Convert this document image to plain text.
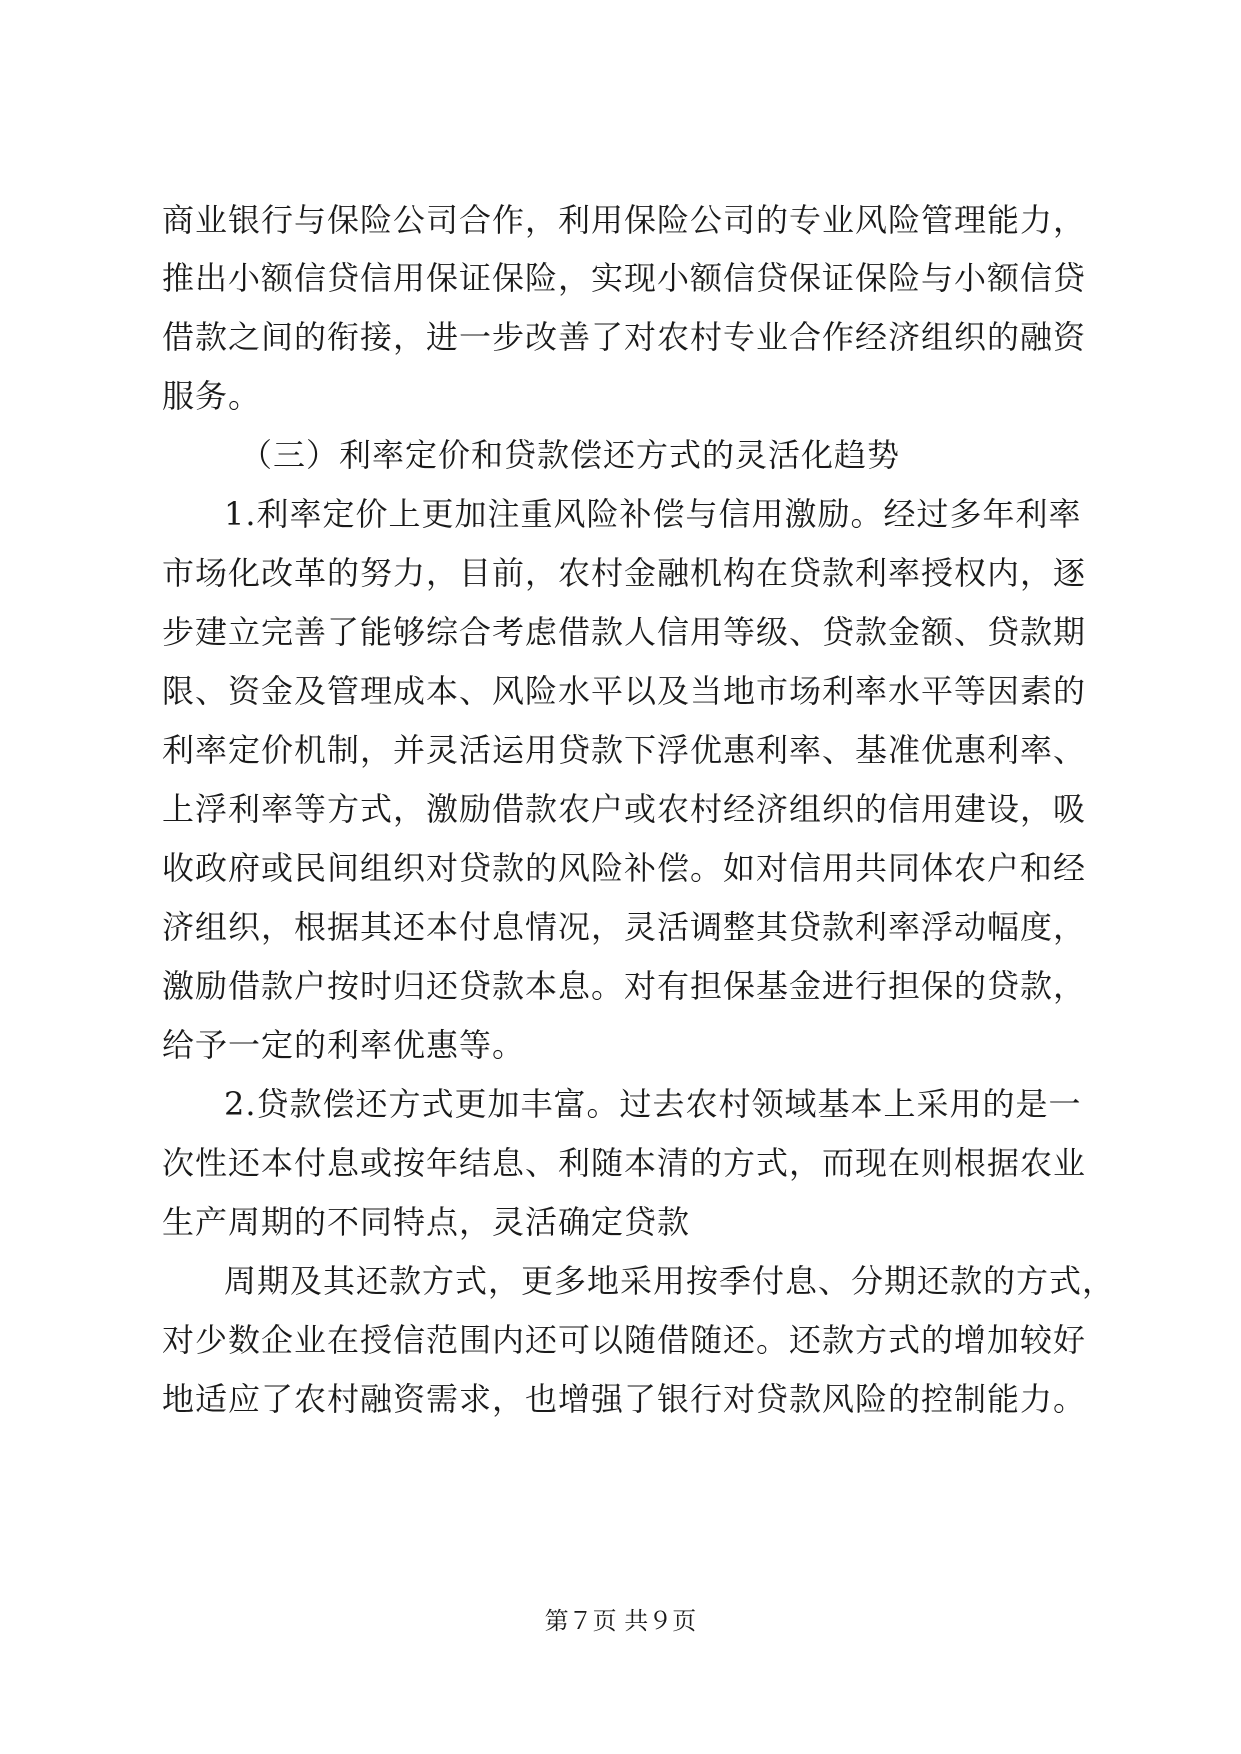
商业银行与保险公司合作，利用保险公司的专业风险管理能力，
推出小额信贷信用保证保险，实现小额信贷保证保险与小额信贷
借款之间的衔接，进一步改善了对农村专业合作经济组织的融资
服务。
（三）利率定价和贷款偿还方式的灵活化趋势
1.利率定价上更加注重风险补偿与信用激励。经过多年利率
市场化改革的努力，目前，农村金融机构在贷款利率授权内，逐
步建立完善了能够综合考虑借款人信用等级、贷款金额、贷款期
限、资金及管理成本、风险水平以及当地市场利率水平等因素的
利率定价机制，并灵活运用贷款下浮优惠利率、基准优惠利率、
上浮利率等方式，激励借款农户或农村经济组织的信用建设，吸
收政府或民间组织对贷款的风险补偿。如对信用共同体农户和经
济组织，根据其还本付息情况，灵活调整其贷款利率浮动幅度，
激励借款户按时归还贷款本息。对有担保基金进行担保的贷款，
给予一定的利率优惠等。
2.贷款偿还方式更加丰富。过去农村领域基本上采用的是一
次性还本付息或按年结息、利随本清的方式，而现在则根据农业
生产周期的不同特点，灵活确定贷款
周期及其还款方式，更多地采用按季付息、分期还款的方式，
对少数企业在授信范围内还可以随借随还。还款方式的增加较好
地适应了农村融资需求，也增强了银行对贷款风险的控制能力。
第７页 共９页
